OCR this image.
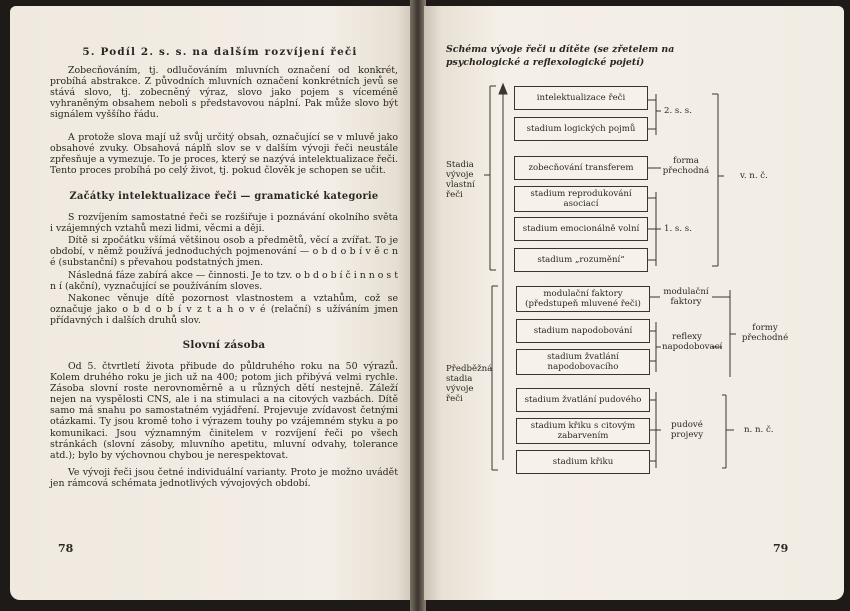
5. Podíl 2. s. s. na dalším rozvíjení řeči
Zobecňováním, tj. odlučováním mluvních označení od konkrét, probíhá abstrakce. Z původních mluvních označení konkrétních jevů se stává slovo, tj. zobecněný výraz, slovo jako pojem s víceméně vyhraněným obsahem neboli s představovou náplní. Pak může slovo být signálem vyššího řádu.
A protože slova mají už svůj určitý obsah, označující se v mluvě jako obsahové zvuky. Obsahová náplň slov se v dalším vývoji řeči neustále zpřesňuje a vymezuje. To je proces, který se nazývá intelektualizace řeči. Tento proces probíhá po celý život, tj. pokud člověk je schopen se učit.
Začátky intelektualizace řeči — gramatické kategorie
S rozvíjením samostatné řeči se rozšiřuje i poznávání okolního světa i vzájemných vztahů mezi lidmi, věcmi a ději.
Dítě si zpočátku všímá většinou osob a předmětů, věcí a zvířat. To je období, v němž používá jednoduchých pojmenování — o b d o b í v ě c n é (substanční) s převahou podstatných jmen.
Následná fáze zabírá akce — činnosti. Je to tzv. o b d o b í č i n n o s t n í (akční), vyznačující se používáním sloves.
Nakonec věnuje dítě pozornost vlastnostem a vztahům, což se označuje jako o b d o b í v z t a h o v é (relační) s užíváním jmen přídavných i dalších druhů slov.
Slovní zásoba
Od 5. čtvrtletí života přibude do půldruhého roku na 50 výrazů. Kolem druhého roku je jich už na 400; potom jich přibývá velmi rychle. Zásoba slovní roste nerovnoměrně a u různých dětí nestejně. Záleží nejen na vyspělosti CNS, ale i na stimulaci a na citových vazbách. Dítě samo má snahu po samostatném vyjádření. Projevuje zvídavost četnými otázkami. Ty jsou kromě toho i výrazem touhy po vzájemném styku a po komunikaci. Jsou významným činitelem v rozvíjení řeči po všech stránkách (slovní zásoby, mluvního apetitu, mluvní odvahy, tolerance atd.); bylo by výchovnou chybou je nerespektovat.
Ve vývoji řeči jsou četné individuální varianty. Proto je možno uvádět jen rámcová schémata jednotlivých vývojových období.
78
Schéma vývoje řeči u dítěte (se zřetelem na psychologické a reflexologické pojetí)
intelektualizace řeči
stadium logických pojmů
zobecňování transferem
stadium reprodukování asociací
stadium emocionálně volní
stadium „rozumění“
modulační faktory (předstupeň mluvené řeči)
stadium napodobování
stadium žvatlání napodobovacího
stadium žvatlání pudového
stadium křiku s citovým zabarvením
stadium křiku
Stadia vývoje vlastní řeči
Předběžná stadia vývoje řeči
2. s. s.
forma přechodná	v. n. č.
1. s. s.
modulační faktory
reflexy napodobovací
formy přechodné
pudové projevy	n. n. č.
79
